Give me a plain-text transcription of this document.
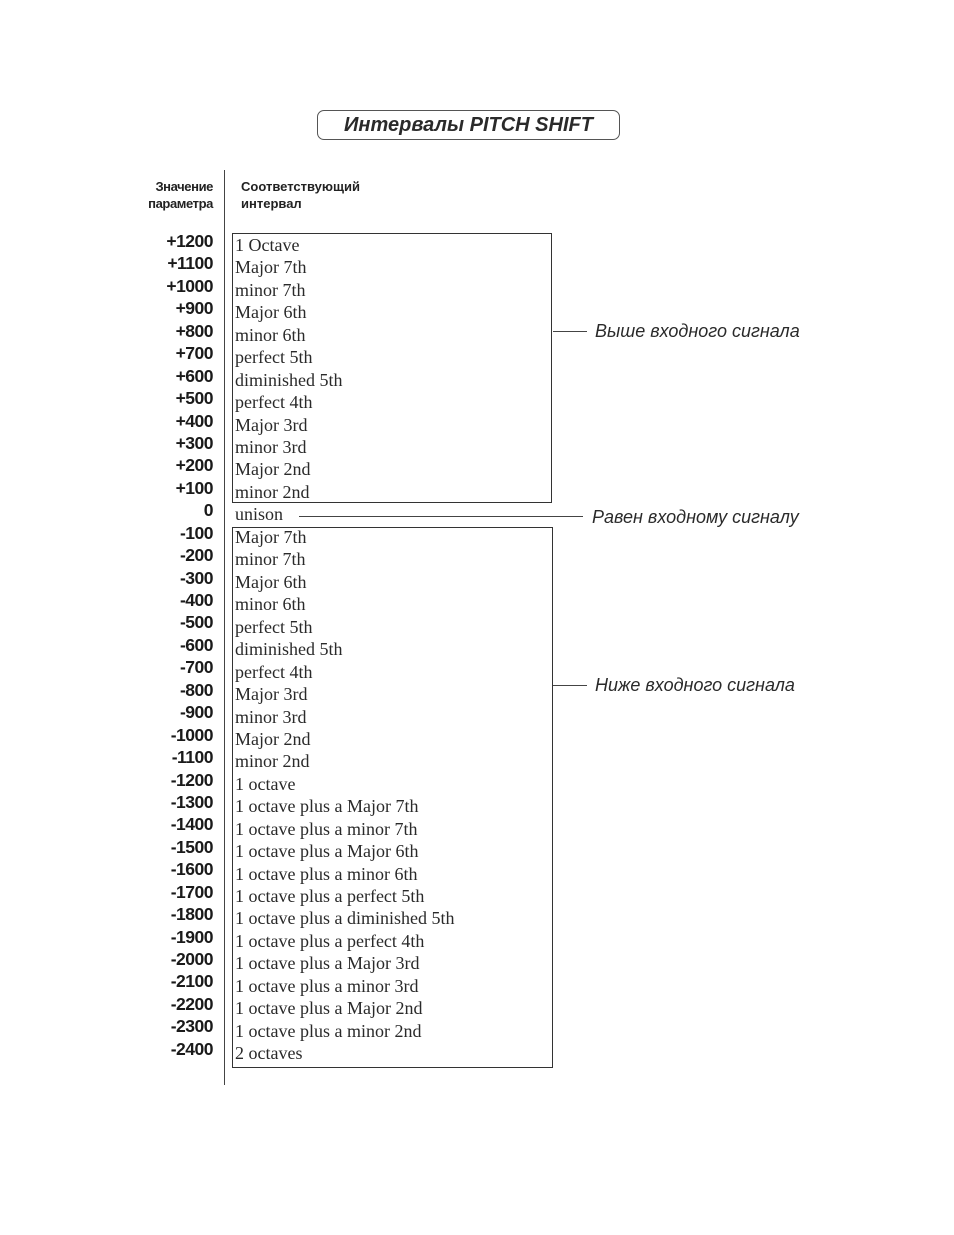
Интервалы PITCH SHIFT
Значение
параметра
Соответствующий
интервал
+1200
+1100
+1000
+900
+800
+700
+600
+500
+400
+300
+200
+100
0
-100
-200
-300
-400
-500
-600
-700
-800
-900
-1000
-1100
-1200
-1300
-1400
-1500
-1600
-1700
-1800
-1900
-2000
-2100
-2200
-2300
-2400
1 Octave
Major 7th
minor 7th
Major 6th
minor 6th
perfect 5th
diminished 5th
perfect 4th
Major 3rd
minor 3rd
Major 2nd
minor 2nd
unison
Major 7th
minor 7th
Major 6th
minor 6th
perfect 5th
diminished 5th
perfect 4th
Major 3rd
minor 3rd
Major 2nd
minor 2nd
1 octave
1 octave plus a Major 7th
1 octave plus a minor 7th
1 octave plus a Major 6th
1 octave plus a minor 6th
1 octave plus a perfect 5th
1 octave plus a diminished 5th
1 octave plus a perfect 4th
1 octave plus a Major 3rd
1 octave plus a minor 3rd
1 octave plus a Major 2nd
1 octave plus a minor 2nd
2 octaves
Выше входного сигнала
Равен входному сигналу
Ниже входного сигнала
